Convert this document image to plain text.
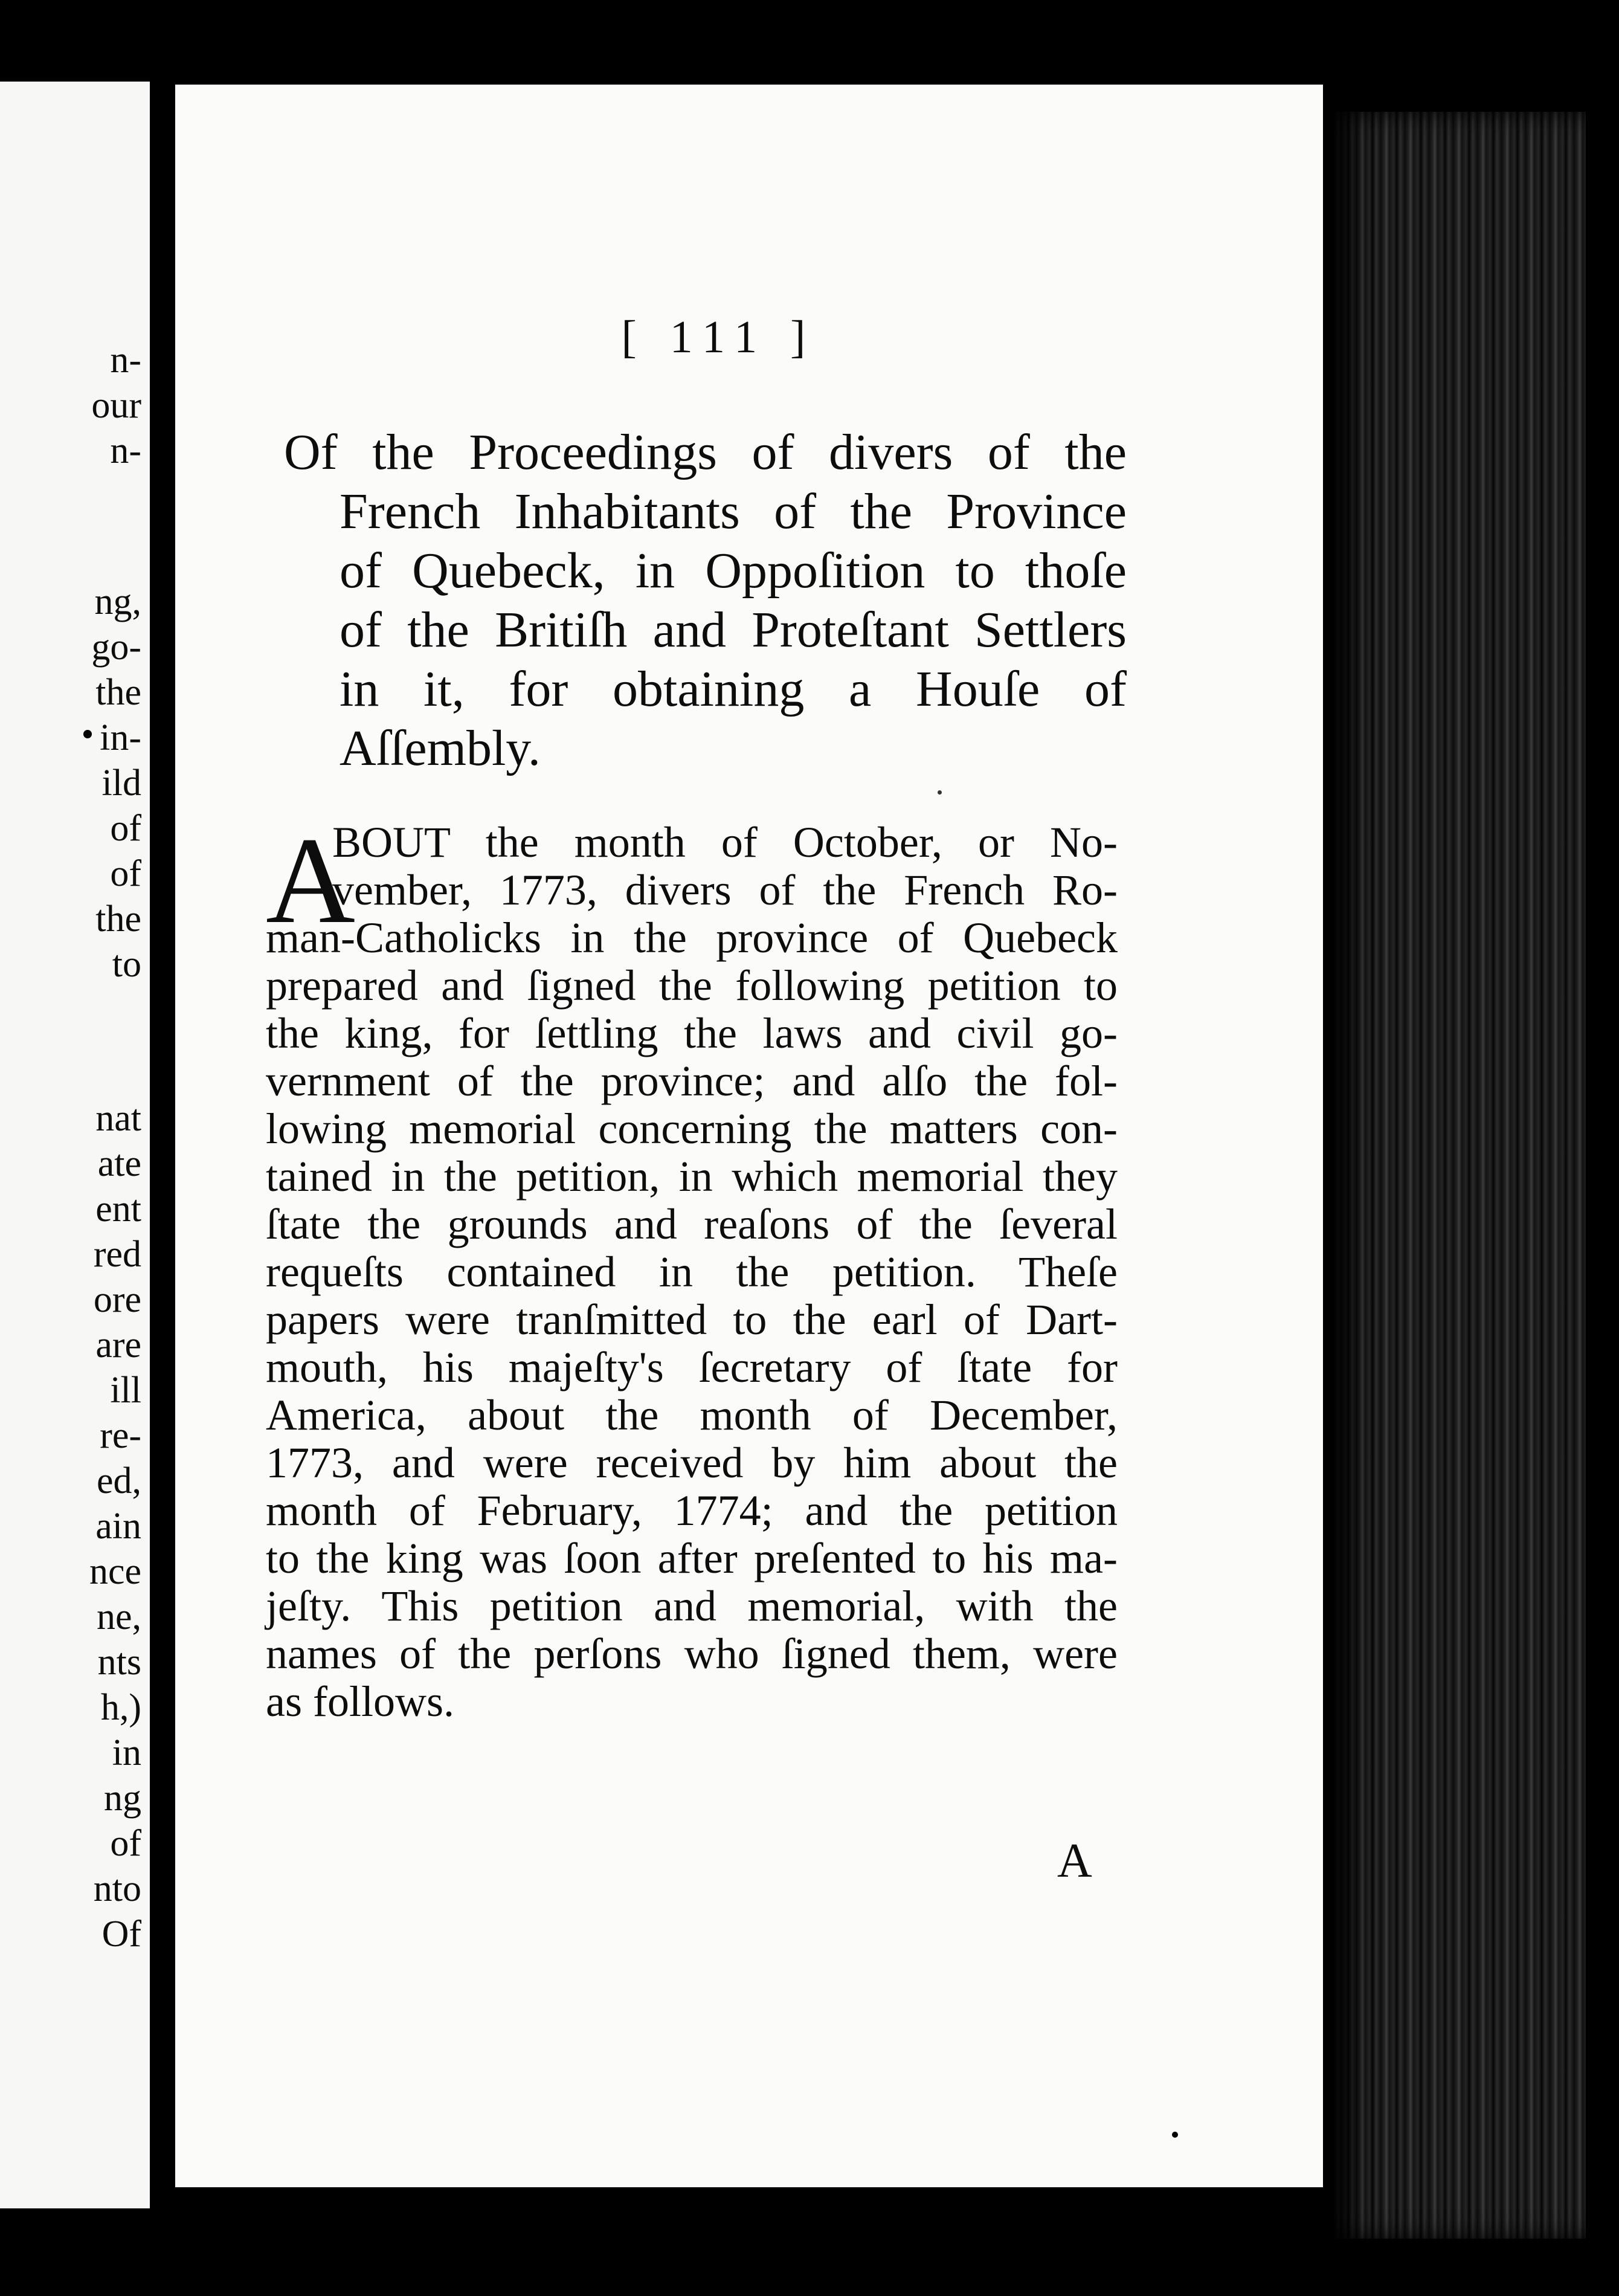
n-
our
n-
ng,
go-
the
in-
ild
of
of
the
to
nat
ate
ent
red
ore
are
ill
re-
ed,
ain
nce
ne,
nts
h,)
in
ng
of
nto
Of
[ 111 ]
Of the Proceedings of divers of the
French Inhabitants of the Province
of Quebeck, in Oppoſition to thoſe
of the Britiſh and Proteſtant Settlers
in it, for obtaining a Houſe of
Aſſembly.
A
BOUT the month of October, or No-
vember, 1773, divers of the French Ro-
man-Catholicks in the province of Quebeck
prepared and ſigned the following petition to
the king, for ſettling the laws and civil go-
vernment of the province; and alſo the fol-
lowing memorial concerning the matters con-
tained in the petition, in which memorial they
ſtate the grounds and reaſons of the ſeveral
requeſts contained in the petition. Theſe
papers were tranſmitted to the earl of Dart-
mouth, his majeſty's ſecretary of ſtate for
America, about the month of December,
1773, and were received by him about the
month of February, 1774; and the petition
to the king was ſoon after preſented to his ma-
jeſty. This petition and memorial, with the
names of the perſons who ſigned them, were
as follows.
A
